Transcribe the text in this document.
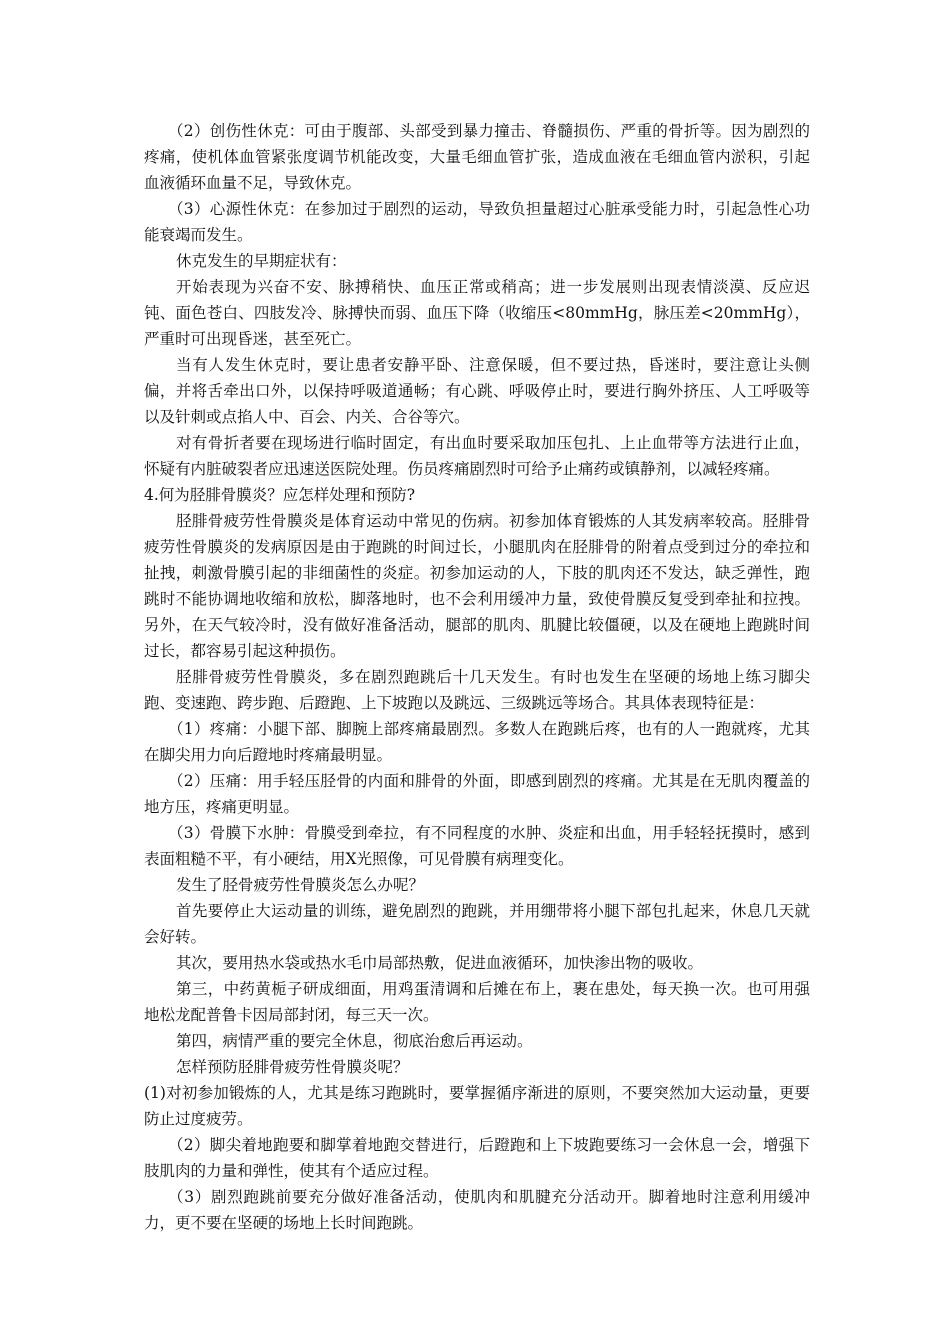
（2）创伤性休克：可由于腹部、头部受到暴力撞击、脊髓损伤、严重的骨折等。因为剧烈的疼痛，使机体血管紧张度调节机能改变，大量毛细血管扩张，造成血液在毛细血管内淤积，引起血液循环血量不足，导致休克。

（3）心源性休克：在参加过于剧烈的运动，导致负担量超过心脏承受能力时，引起急性心功能衰竭而发生。

休克发生的早期症状有：

开始表现为兴奋不安、脉搏稍快、血压正常或稍高；进一步发展则出现表情淡漠、反应迟钝、面色苍白、四肢发冷、脉搏快而弱、血压下降（收缩压<80mmHg，脉压差<20mmHg），严重时可出现昏迷，甚至死亡。

当有人发生休克时，要让患者安静平卧、注意保暖，但不要过热，昏迷时，要注意让头侧偏，并将舌牵出口外，以保持呼吸道通畅；有心跳、呼吸停止时，要进行胸外挤压、人工呼吸等以及针刺或点掐人中、百会、内关、合谷等穴。

对有骨折者要在现场进行临时固定，有出血时要采取加压包扎、上止血带等方法进行止血，怀疑有内脏破裂者应迅速送医院处理。伤员疼痛剧烈时可给予止痛药或镇静剂，以减轻疼痛。

4.何为胫腓骨膜炎？应怎样处理和预防?

胫腓骨疲劳性骨膜炎是体育运动中常见的伤病。初参加体育锻炼的人其发病率较高。胫腓骨疲劳性骨膜炎的发病原因是由于跑跳的时间过长，小腿肌肉在胫腓骨的附着点受到过分的牵拉和扯拽，刺激骨膜引起的非细菌性的炎症。初参加运动的人，下肢的肌肉还不发达，缺乏弹性，跑跳时不能协调地收缩和放松，脚落地时，也不会利用缓冲力量，致使骨膜反复受到牵扯和拉拽。另外，在天气较冷时，没有做好准备活动，腿部的肌肉、肌腱比较僵硬，以及在硬地上跑跳时间过长，都容易引起这种损伤。

胫腓骨疲劳性骨膜炎，多在剧烈跑跳后十几天发生。有时也发生在坚硬的场地上练习脚尖跑、变速跑、跨步跑、后蹬跑、上下坡跑以及跳远、三级跳远等场合。其具体表现特征是：

（1）疼痛：小腿下部、脚腕上部疼痛最剧烈。多数人在跑跳后疼，也有的人一跑就疼，尤其在脚尖用力向后蹬地时疼痛最明显。

（2）压痛：用手轻压胫骨的内面和腓骨的外面，即感到剧烈的疼痛。尤其是在无肌肉覆盖的地方压，疼痛更明显。

（3）骨膜下水肿：骨膜受到牵拉，有不同程度的水肿、炎症和出血，用手轻轻抚摸时，感到表面粗糙不平，有小硬结，用X光照像，可见骨膜有病理变化。

发生了胫骨疲劳性骨膜炎怎么办呢？

首先要停止大运动量的训练，避免剧烈的跑跳，并用绷带将小腿下部包扎起来，休息几天就会好转。

其次，要用热水袋或热水毛巾局部热敷，促进血液循环，加快渗出物的吸收。

第三，中药黄栀子研成细面，用鸡蛋清调和后摊在布上，裹在患处，每天换一次。也可用强地松龙配普鲁卡因局部封闭，每三天一次。

第四，病情严重的要完全休息，彻底治愈后再运动。

怎样预防胫腓骨疲劳性骨膜炎呢？

(1)对初参加锻炼的人，尤其是练习跑跳时，要掌握循序渐进的原则，不要突然加大运动量，更要防止过度疲劳。

（2）脚尖着地跑要和脚掌着地跑交替进行，后蹬跑和上下坡跑要练习一会休息一会，增强下肢肌肉的力量和弹性，使其有个适应过程。

（3）剧烈跑跳前要充分做好准备活动，使肌肉和肌腱充分活动开。脚着地时注意利用缓冲力，更不要在坚硬的场地上长时间跑跳。
